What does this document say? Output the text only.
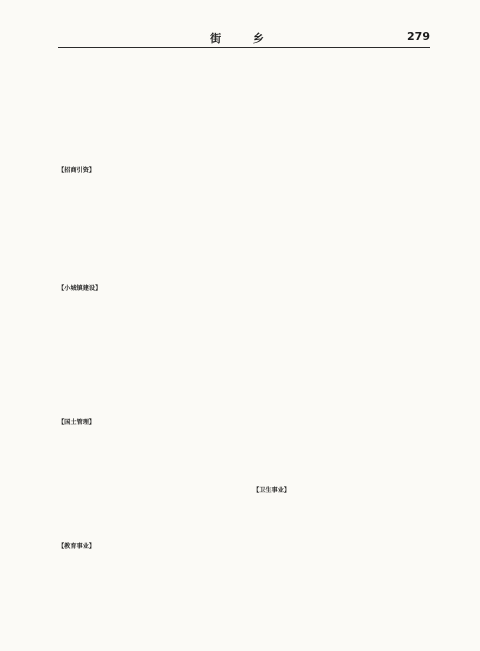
街 乡	279
【招商引资】
【小城镇建设】
【国土管理】
【教育事业】
【卫生事业】
